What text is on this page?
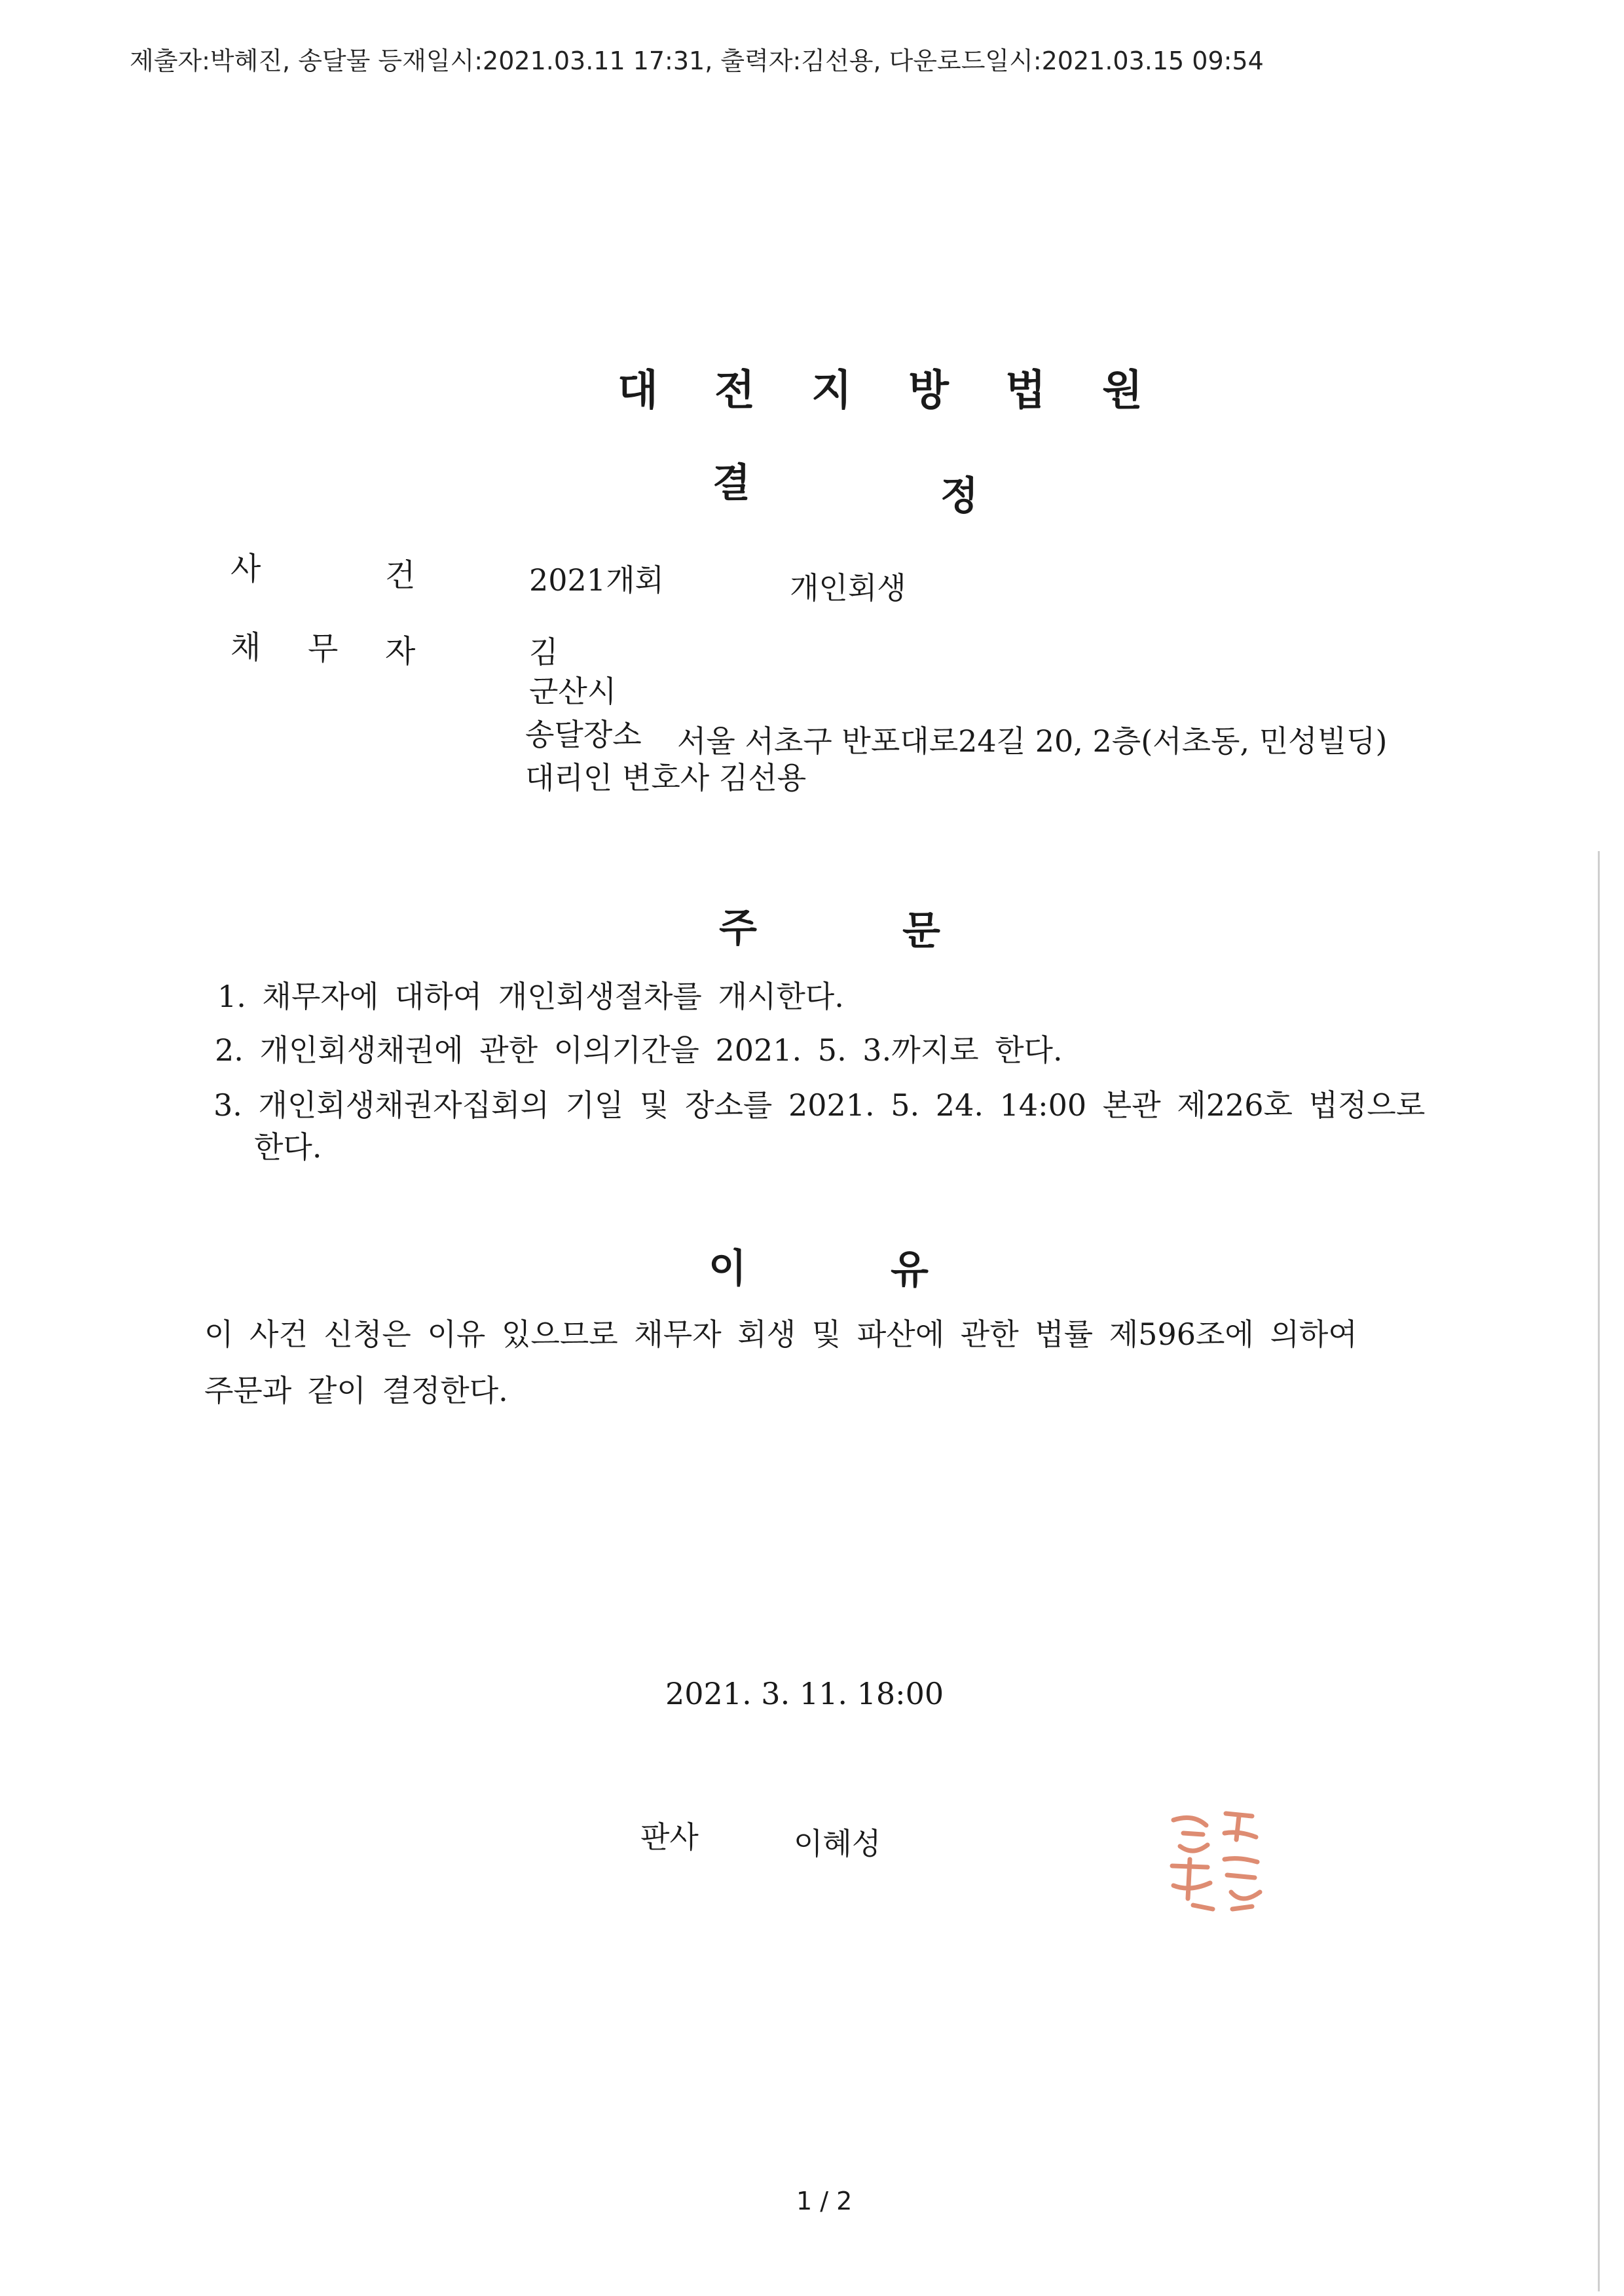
제출자:박혜진, 송달물 등재일시:2021.03.11 17:31, 출력자:김선용, 다운로드일시:2021.03.15 09:54
대 전 지 방 법 원
결	정
사	건	2021개회	개인회생
채 무 자	김
군산시
송달장소 서울 서초구 반포대로24길 20, 2층(서초동, 민성빌딩)
대리인 변호사 김선용
주	문
1. 채무자에 대하여 개인회생절차를 개시한다.
2. 개인회생채권에 관한 이의기간을 2021. 5. 3.까지로 한다.
3. 개인회생채권자집회의 기일 및 장소를 2021. 5. 24. 14:00 본관 제226호 법정으로
한다.
이	유
이 사건 신청은 이유 있으므로 채무자 회생 및 파산에 관한 법률 제596조에 의하여
주문과 같이 결정한다.
2021. 3. 11. 18:00
판사	이혜성
1 / 2
